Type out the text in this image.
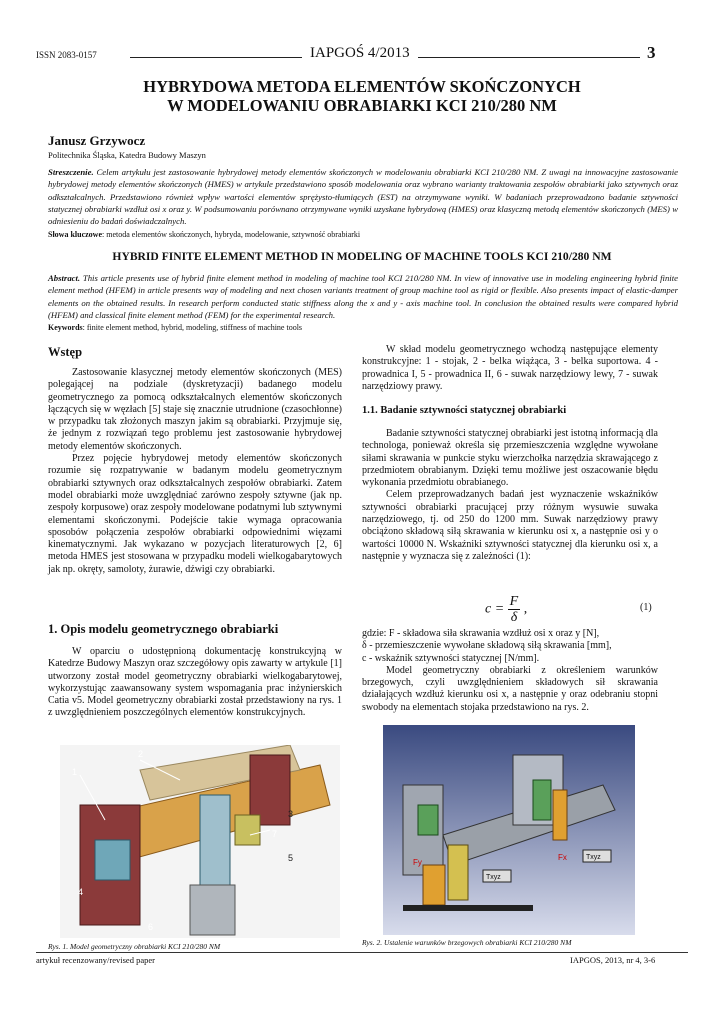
ISSN 2083-0157	IAPGOŚ 4/2013	3
HYBRYDOWA METODA ELEMENTÓW SKOŃCZONYCH
W MODELOWANIU OBRABIARKI KCI 210/280 NM
Janusz Grzywocz
Politechnika Śląska, Katedra Budowy Maszyn
Streszczenie. Celem artykułu jest zastosowanie hybrydowej metody elementów skończonych w modelowaniu obrabiarki KCI 210/280 NM. Z uwagi na innowacyjne zastosowanie hybrydowej metody elementów skończonych (HMES) w artykule przedstawiono sposób modelowania oraz wybrano warianty traktowania zespołów obrabiarki jako sztywnych oraz odkształcalnych. Przedstawiono również wpływ wartości elementów sprężysto-tłumiących (EST) na otrzymywane wyniki. W badaniach przeprowadzono badanie sztywności statycznej obrabiarki wzdłuż osi x oraz y. W podsumowaniu porównano otrzymywane wyniki uzyskane hybrydową (HMES) oraz klasyczną metodą elementów skończonych (MES) w odniesieniu do badań doświadczalnych.
Słowa kluczowe: metoda elementów skończonych, hybryda, modelowanie, sztywność obrabiarki
HYBRID FINITE ELEMENT METHOD IN MODELING OF MACHINE TOOLS KCI 210/280 NM
Abstract. This article presents use of hybrid finite element method in modeling of machine tool KCI 210/280 NM. In view of innovative use in modeling engineering hybrid finite element method (HFEM) in article presents way of modeling and next chosen variants treatment of group machine tool as rigid or flexible. Also presents impact of elastic-damper elements on the obtained results. In research perform conducted static stiffness along the x and y - axis machine tool. In conclusion the obtained results were compared hybrid (HFEM) and classical finite element method (FEM) for the experimental research.
Keywords: finite element method, hybrid, modeling, stiffness of machine tools
Wstęp

Zastosowanie klasycznej metody elementów skończonych (MES) polegającej na podziale (dyskretyzacji) badanego modelu geometrycznego za pomocą odkształcalnych elementów skończonych łączących się w węzłach [5] staje się znacznie utrudnione (czasochłonne) w przypadku tak złożonych maszyn jakim są obrabiarki. Przyjmuje się, że jednym z rozwiązań tego problemu jest zastosowanie hybrydowej metody elementów skończonych.

Przez pojęcie hybrydowej metody elementów skończonych rozumie się rozpatrywanie w badanym modelu geometrycznym obrabiarki sztywnych oraz odkształcalnych zespołów obrabiarki. Zatem model obrabiarki może uwzględniać zarówno zespoły sztywne (jak np. zespoły korpusowe) oraz zespoły modelowane podatnymi lub sztywnymi elementami skończonymi. Podejście takie wymaga opracowania sposobów połączenia zespołów obrabiarki odpowiednimi więzami kinematycznymi. Jak wykazano w pozycjach literaturowych [2, 6] metoda HMES jest stosowana w przypadku modeli wielkogabarytowych jak np. okręty, samoloty, żurawie, dźwigi czy obrabiarki.

1. Opis modelu geometrycznego obrabiarki

W oparciu o udostępnioną dokumentację konstrukcyjną w Katedrze Budowy Maszyn oraz szczegółowy opis zawarty w artykule [1] utworzony został model geometryczny obrabiarki wielkogabarytowej, wykorzystując zaawansowany system wspomagania prac inżynierskich Catia v5. Model geometryczny obrabiarki został przedstawiony na rys. 1 z uwzględnieniem poszczególnych elementów konstrukcyjnych.

W skład modelu geometrycznego wchodzą następujące elementy konstrukcyjne: 1 - stojak, 2 - belka wiążąca, 3 - belka suportowa. 4 - prowadnica I, 5 - prowadnica II, 6 - suwak narzędziowy lewy, 7 - suwak narzędziowy prawy.

1.1. Badanie sztywności statycznej obrabiarki

Badanie sztywności statycznej obrabiarki jest istotną informacją dla technologa, ponieważ określa się przemieszczenia względne wywołane siłami skrawania w punkcie styku wierzchołka narzędzia skrawającego z przedmiotem obrabianym. Dzięki temu możliwe jest oszacowanie błędu wykonania przedmiotu obrabianego.

Celem przeprowadzanych badań jest wyznaczenie wskaźników sztywności obrabiarki pracującej przy różnym wysuwie suwaka narzędziowego, tj. od 250 do 1200 mm. Suwak narzędziowy prawy obciążono składową siłą skrawania w kierunku osi x, a następnie osi y o wartości 10000 N. Wskaźniki sztywności statycznej dla kierunku osi x, a następnie y wyznacza się z zależności (1):

$c = \frac{F}{\delta}$ ,	(1)
gdzie: F - składowa siła skrawania wzdłuż osi x oraz y [N],
δ - przemieszczenie wywołane składową siłą skrawania [mm],
c - wskaźnik sztywności statycznej [N/mm].

Model geometryczny obrabiarki z określeniem warunków brzegowych, czyli uwzględnieniem składowych sił skrawania działających wzdłuż kierunku osi x, a następnie y oraz odebraniu stopni swobody na elementach stojaka przedstawiono na rys. 2.

1
2
3
4
5
6
7
Fy
Fx
Txyz
Txyz
Rys. 1. Model geometryczny obrabiarki KCI 210/280 NM	Rys. 2. Ustalenie warunków brzegowych obrabiarki KCI 210/280 NM
artykuł recenzowany/revised paper	IAPGOS, 2013, nr 4, 3-6
